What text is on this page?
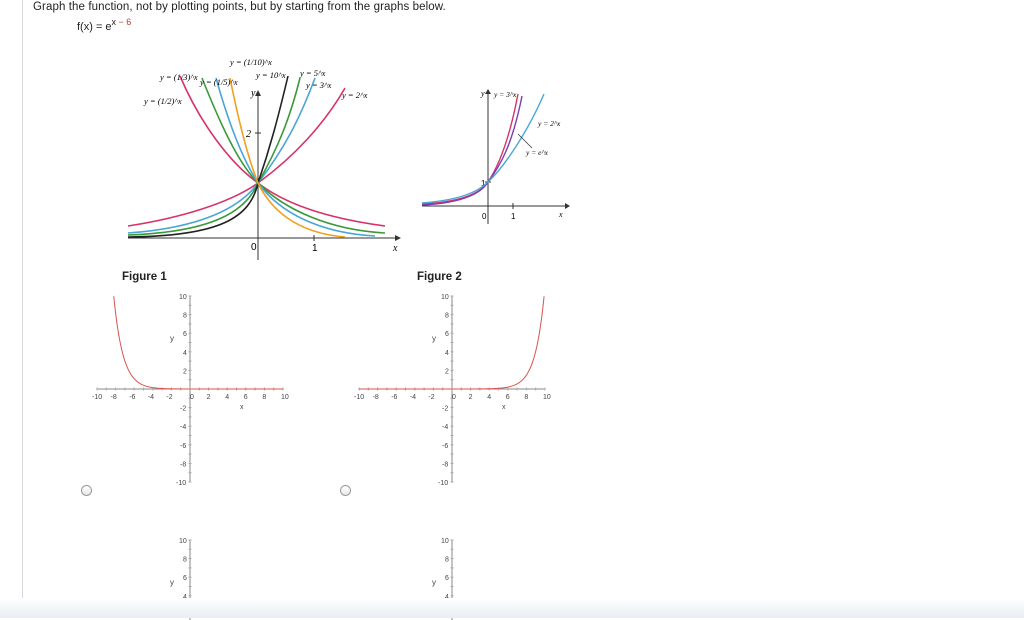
Graph the function, not by plotting points, but by starting from the graphs below.
$f(x) = e^{x - 6}$
2
0	1	x
y
y = (1/3)^x
y = (1/10)^x
y = (1/5)^x
y = 10^x y = 5^x
y = 3^x
y = 2^x
y = (1/2)^x
1
0	1	x
y y = 3^x
y = 2^x
y = e^x
Figure 1	Figure 2
-10 -8 -6 -4 -2 0 2 4 6 8 10
10
8
6
4
2
-2
-4
-6
-8
-10
x
y
-10 -8 -6 -4 -2 0 2 4 6 8 10
10
8
6
4
2
-2
-4
-6
-8
-10
x
y
10
8
6
y
10
8
6
y
